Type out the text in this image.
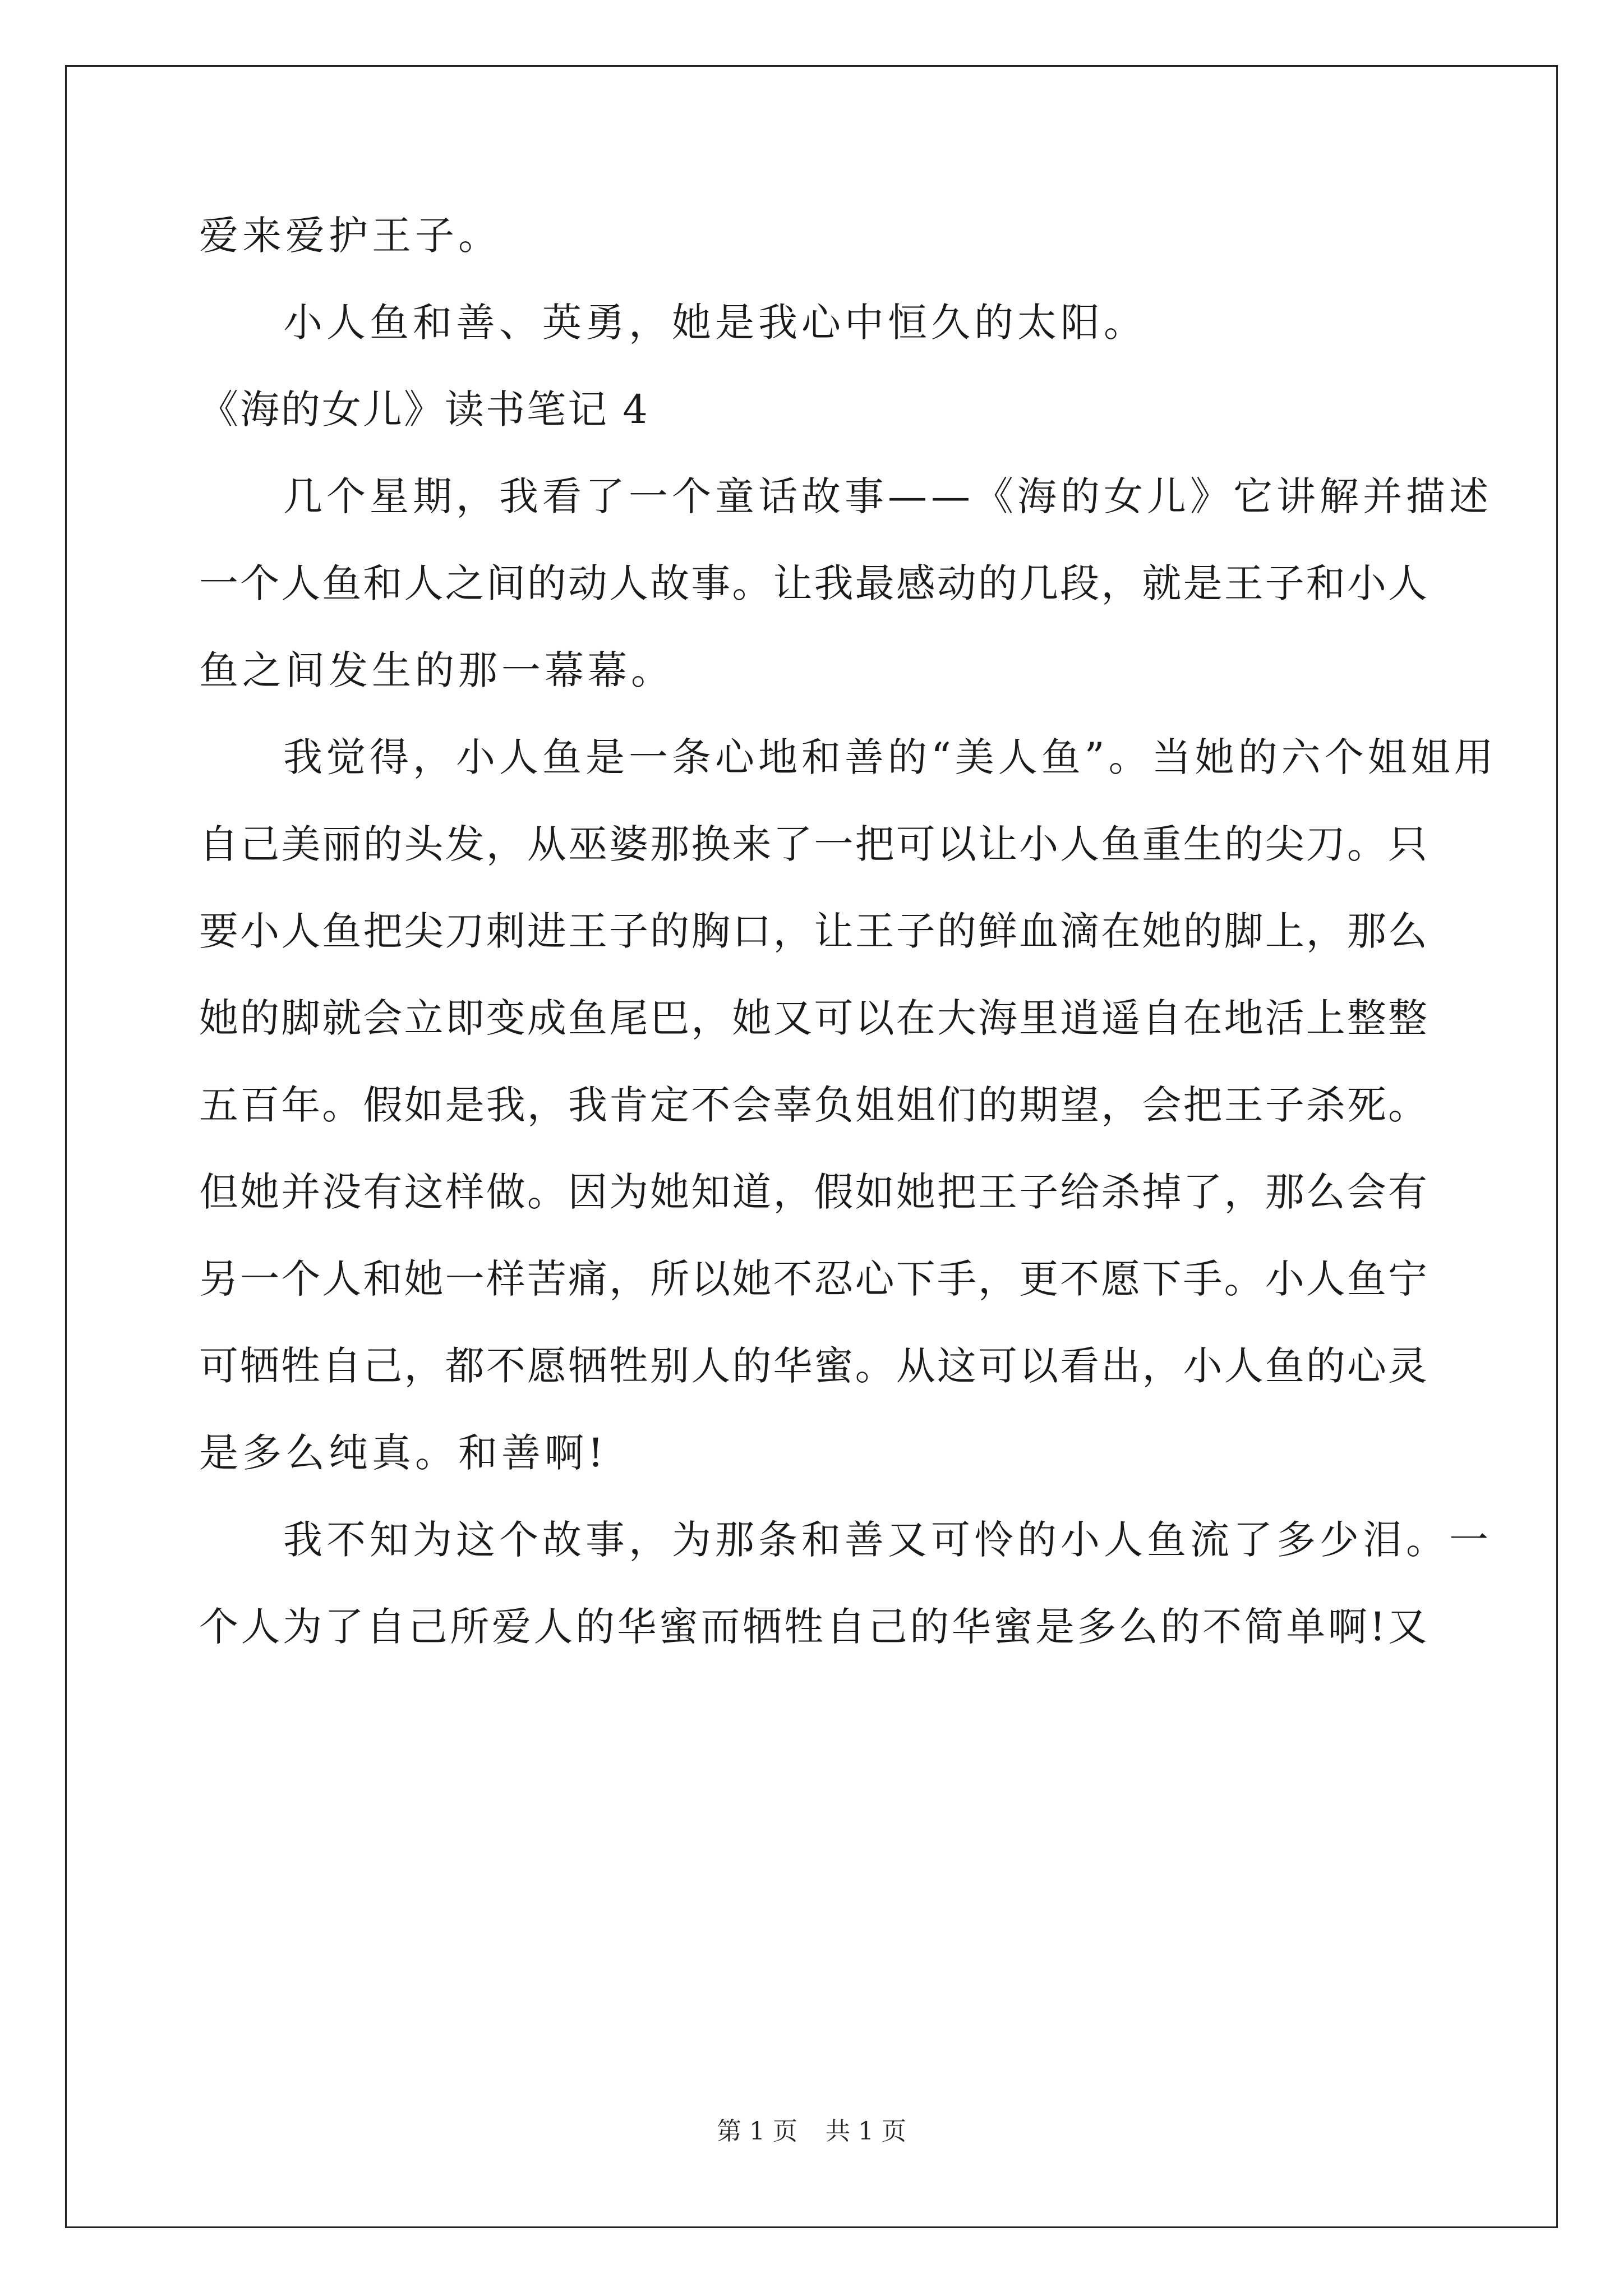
爱来爱护王子。
小人鱼和善、英勇，她是我心中恒久的太阳。
《海的女儿》读书笔记 4
几个星期，我看了一个童话故事——《海的女儿》它讲解并描述
一个人鱼和人之间的动人故事。让我最感动的几段，就是王子和小人
鱼之间发生的那一幕幕。
我觉得，小人鱼是一条心地和善的“美人鱼”。当她的六个姐姐用
自己美丽的头发，从巫婆那换来了一把可以让小人鱼重生的尖刀。只
要小人鱼把尖刀刺进王子的胸口，让王子的鲜血滴在她的脚上，那么
她的脚就会立即变成鱼尾巴，她又可以在大海里逍遥自在地活上整整
五百年。假如是我，我肯定不会辜负姐姐们的期望，会把王子杀死。
但她并没有这样做。因为她知道，假如她把王子给杀掉了，那么会有
另一个人和她一样苦痛，所以她不忍心下手，更不愿下手。小人鱼宁
可牺牲自己，都不愿牺牲别人的华蜜。从这可以看出，小人鱼的心灵
是多么纯真。和善啊!
我不知为这个故事，为那条和善又可怜的小人鱼流了多少泪。一
个人为了自己所爱人的华蜜而牺牲自己的华蜜是多么的不简单啊!又
第 1 页 共 1 页
